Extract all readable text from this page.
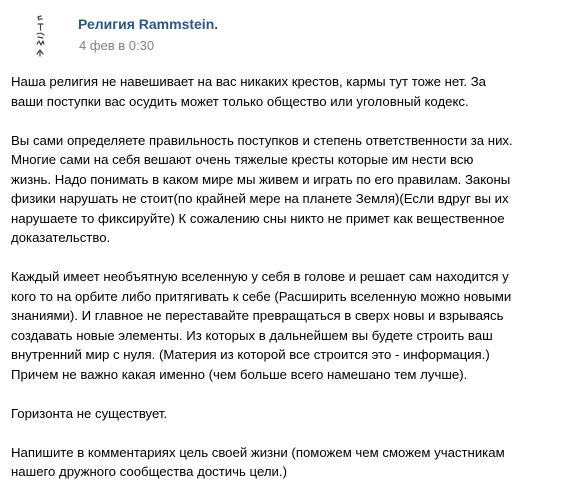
Религия Rammstein.
4 фев в 0:30

Наша религия не навешивает на вас никаких крестов, кармы тут тоже нет. За
ваши поступки вас осудить может только общество или уголовный кодекс.

Вы сами определяете правильность поступков и степень ответственности за них.
Многие сами на себя вешают очень тяжелые кресты которые им нести всю
жизнь. Надо понимать в каком мире мы живем и играть по его правилам. Законы
физики нарушать не стоит(по крайней мере на планете Земля)(Если вдруг вы их
нарушаете то фиксируйте) К сожалению сны никто не примет как вещественное
доказательство.

Каждый имеет необъятную вселенную у себя в голове и решает сам находится у
кого то на орбите либо притягивать к себе (Расширить вселенную можно новыми
знаниями). И главное не переставайте превращаться в сверх новы и взрываясь
создавать новые элементы. Из которых в дальнейшем вы будете строить ваш
внутренний мир с нуля. (Материя из которой все строится это - информация.)
Причем не важно какая именно (чем больше всего намешано тем лучше).

Горизонта не существует.

Напишите в комментариях цель своей жизни (поможем чем сможем участникам
нашего дружного сообщества достичь цели.)
